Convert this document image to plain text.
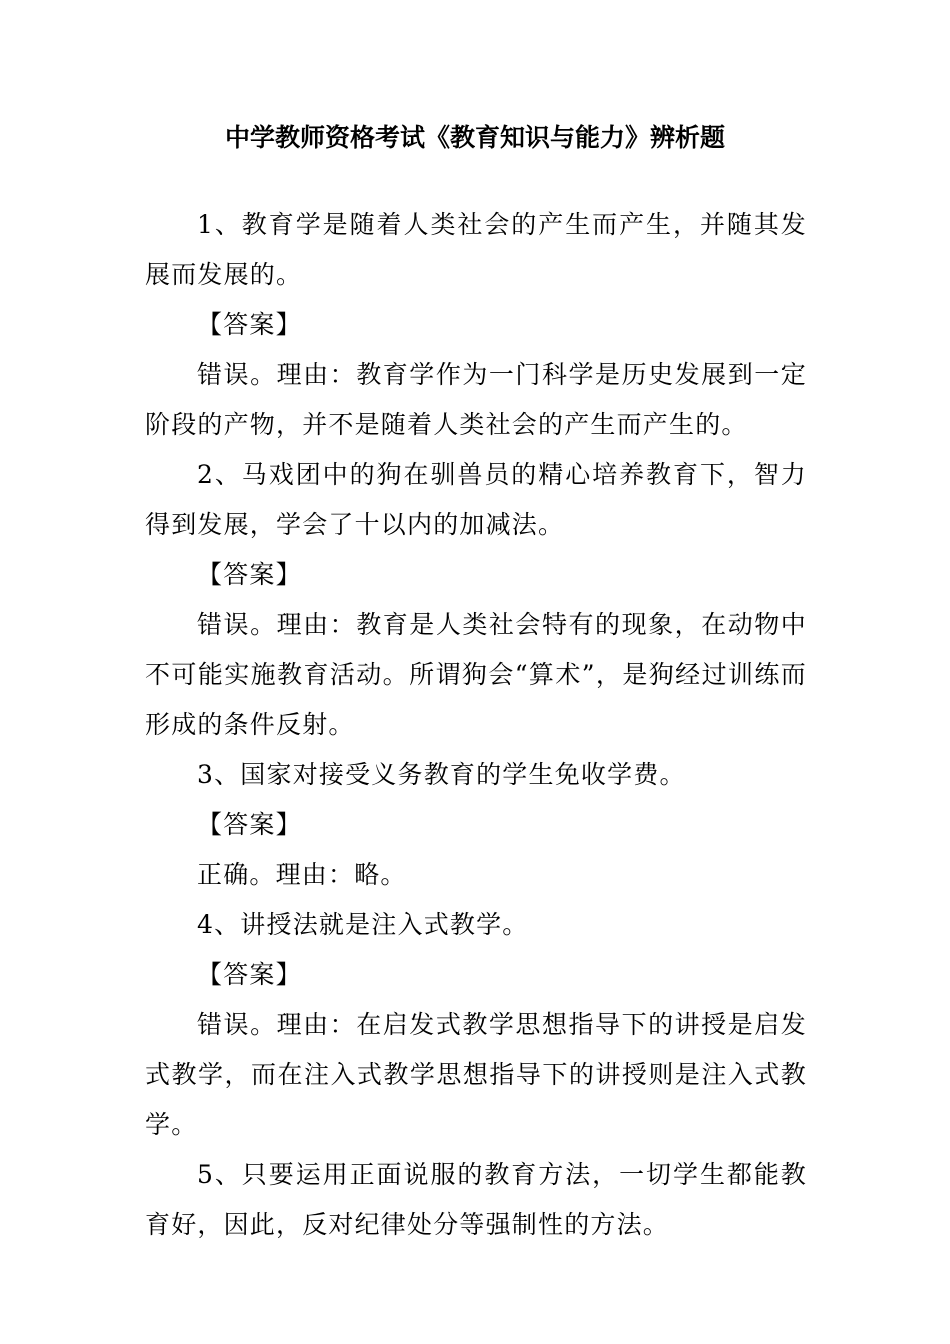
中学教师资格考试《教育知识与能力》辨析题

1、教育学是随着人类社会的产生而产生，并随其发展而发展的。

【答案】

错误。理由：教育学作为一门科学是历史发展到一定阶段的产物，并不是随着人类社会的产生而产生的。

2、马戏团中的狗在驯兽员的精心培养教育下，智力得到发展，学会了十以内的加减法。

【答案】

错误。理由：教育是人类社会特有的现象，在动物中不可能实施教育活动。所谓狗会“算术”，是狗经过训练而形成的条件反射。

3、国家对接受义务教育的学生免收学费。

【答案】

正确。理由：略。

4、讲授法就是注入式教学。

【答案】

错误。理由：在启发式教学思想指导下的讲授是启发式教学，而在注入式教学思想指导下的讲授则是注入式教学。

5、只要运用正面说服的教育方法，一切学生都能教育好，因此，反对纪律处分等强制性的方法。
